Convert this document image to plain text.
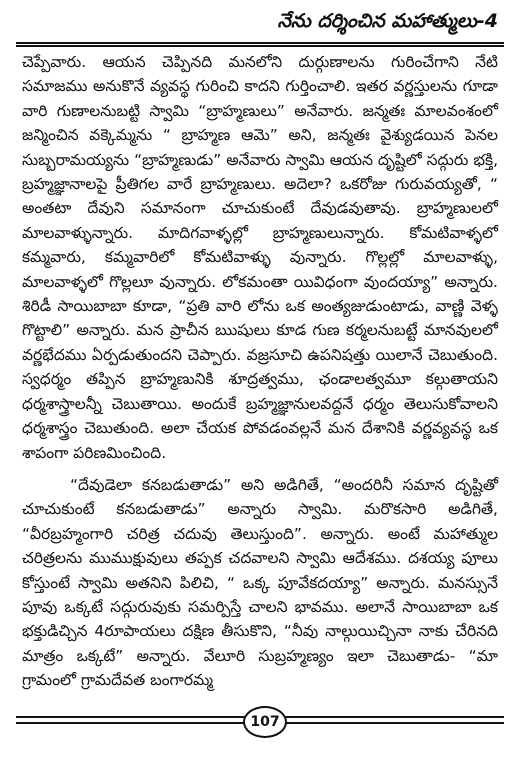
నేను దర్శించిన మహాత్ములు-4

చెప్పేవారు. ఆయన చెప్పినది మనలోని దుర్గుణాలను గురించేగాని నేటి సమాజము అనుకొనే వ్యవస్థ గురించి కాదని గుర్తించాలి. ఇతర వర్ణస్తులను గూడా వారి గుణాలనుబట్టి స్వామి “బ్రాహ్మణులు” అనేవారు. జన్మతః మాలవంశంలో జన్మించిన వక్కెమ్మను “ బ్రాహ్మణ ఆమె” అని, జన్మతః వైశ్యుడయిన పెనల సుబ్బరామయ్యను “బ్రాహ్మణుడు” అనేవారు స్వామి ఆయన దృష్టిలో సద్గురు భక్తి, బ్రహ్మజ్ఞానాలపై ప్రీతిగల వారే బ్రాహ్మణులు. అదెలా? ఒకరోజు గురువయ్యతో, “ అంతటా దేవుని సమానంగా చూచుకుంటే దేవుడవుతావు. బ్రాహ్మణులలో మాలవాళ్ళున్నారు. మాదిగవాళ్ళల్లో బ్రాహ్మణులున్నారు. కోమటివాళ్ళలో కమ్మవారు, కమ్మవారిలో కోమటివాళ్ళు వున్నారు. గొల్లల్లో మాలవాళ్ళు, మాలవాళ్ళలో గొల్లలూ వున్నారు. లోకమంతా యివిధంగా వుందయ్యా” అన్నారు. శిరిడీ సాయిబాబా కూడా, “ప్రతి వారి లోను ఒక అంత్యజుడుంటాడు, వాణ్ణి వెళ్ళ గొట్టాలి” అన్నారు. మన ప్రాచీన ఋషులు కూడ గుణ కర్మలనుబట్టే మానవులలో వర్ణభేదము ఏర్పడుతుందని చెప్పారు. వజ్రసూచి ఉపనిషత్తు యిలానే చెబుతుంది. స్వధర్మం తప్పిన బ్రాహ్మణునికి శూద్రత్వము, ఛండాలత్వమూ కల్గుతాయని ధర్మశాస్త్రాలన్నీ చెబుతాయి. అందుకే బ్రహ్మజ్ఞానులవద్దనే ధర్మం తెలుసుకోవాలని ధర్మశాస్త్రం చెబుతుంది. అలా చేయక పోవడంవల్లనే మన దేశానికి వర్ణవ్యవస్థ ఒక శాపంగా పరిణమించింది.

“దేవుడెలా కనబడుతాడు” అని అడిగితే, “అందరినీ సమాన దృష్టితో చూచుకుంటే కనబడుతాడు” అన్నారు స్వామి. మరొకసారి అడిగితే, “వీరబ్రహ్మంగారి చరిత్ర చదువు తెలుస్తుంది”. అన్నారు. అంటే మహాత్ముల చరిత్రలను ముముక్షువులు తప్పక చదవాలని స్వామి ఆదేశము. దశయ్య పూలు కోస్తుంటే స్వామి అతనిని పిలిచి, “ ఒక్క పూవేకదయ్యా” అన్నారు. మనస్సునే పూవు ఒక్కటే సద్గురువుకు సమర్పిస్తే చాలని భావము. అలానే సాయిబాబా ఒక భక్తుడిచ్చిన 4రూపాయలు దక్షిణ తీసుకొని, “నీవు నాల్గుయిచ్చినా నాకు చేరినది మాత్రం ఒక్కటే” అన్నారు. వేలూరి సుబ్రహ్మణ్యం ఇలా చెబుతాడు- “మా గ్రామంలో గ్రామదేవత బంగారమ్మ

107
